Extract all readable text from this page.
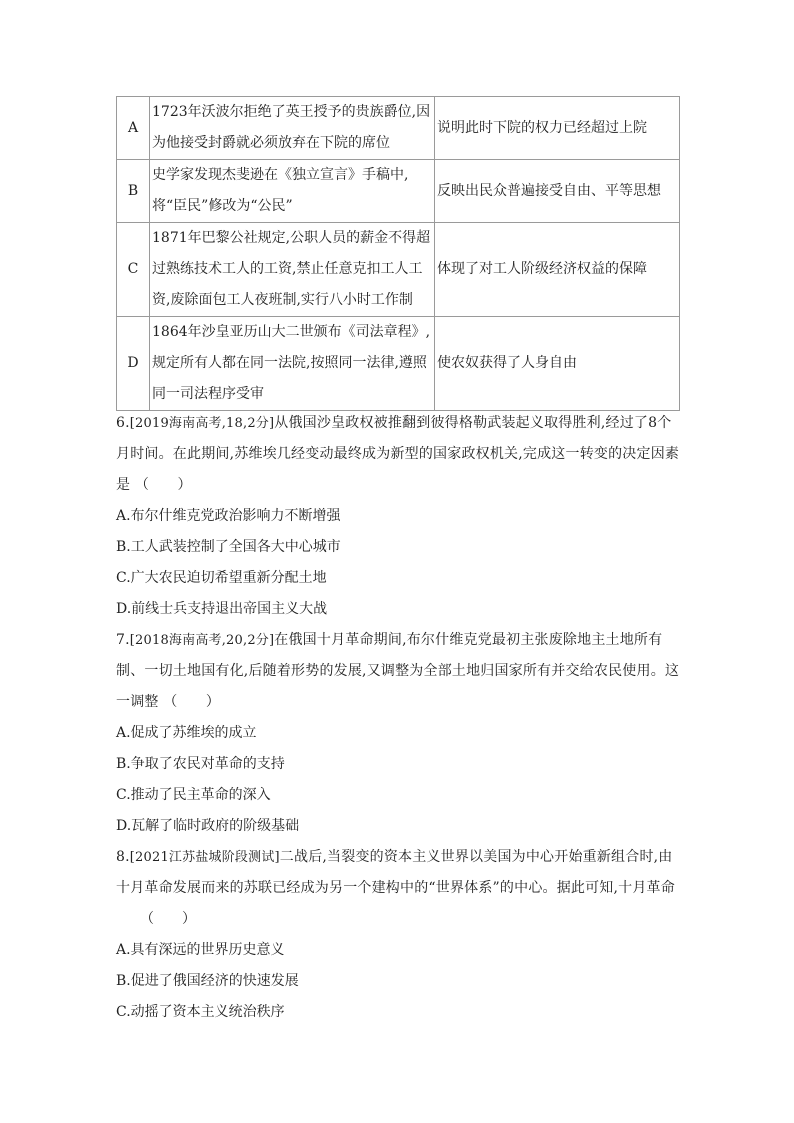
A	1723年沃波尔拒绝了英王授予的贵族爵位,因为他接受封爵就必须放弃在下院的席位	说明此时下院的权力已经超过上院
B	史学家发现杰斐逊在《独立宣言》手稿中,将“臣民”修改为“公民”	反映出民众普遍接受自由、平等思想
C	1871年巴黎公社规定,公职人员的薪金不得超过熟练技术工人的工资,禁止任意克扣工人工资,废除面包工人夜班制,实行八小时工作制	体现了对工人阶级经济权益的保障
D	1864年沙皇亚历山大二世颁布《司法章程》,规定所有人都在同一法院,按照同一法律,遵照同一司法程序受审	使农奴获得了人身自由

6.[2019海南高考,18,2分]从俄国沙皇政权被推翻到彼得格勒武装起义取得胜利,经过了8个月时间。在此期间,苏维埃几经变动最终成为新型的国家政权机关,完成这一转变的决定因素是 （　　）

A.布尔什维克党政治影响力不断增强

B.工人武装控制了全国各大中心城市

C.广大农民迫切希望重新分配土地

D.前线士兵支持退出帝国主义大战

7.[2018海南高考,20,2分]在俄国十月革命期间,布尔什维克党最初主张废除地主土地所有制、一切土地国有化,后随着形势的发展,又调整为全部土地归国家所有并交给农民使用。这一调整 （　　）

A.促成了苏维埃的成立

B.争取了农民对革命的支持

C.推动了民主革命的深入

D.瓦解了临时政府的阶级基础

8.[2021江苏盐城阶段测试]二战后,当裂变的资本主义世界以美国为中心开始重新组合时,由十月革命发展而来的苏联已经成为另一个建构中的“世界体系”的中心。据此可知,十月革命

（　　）

A.具有深远的世界历史意义

B.促进了俄国经济的快速发展

C.动摇了资本主义统治秩序
